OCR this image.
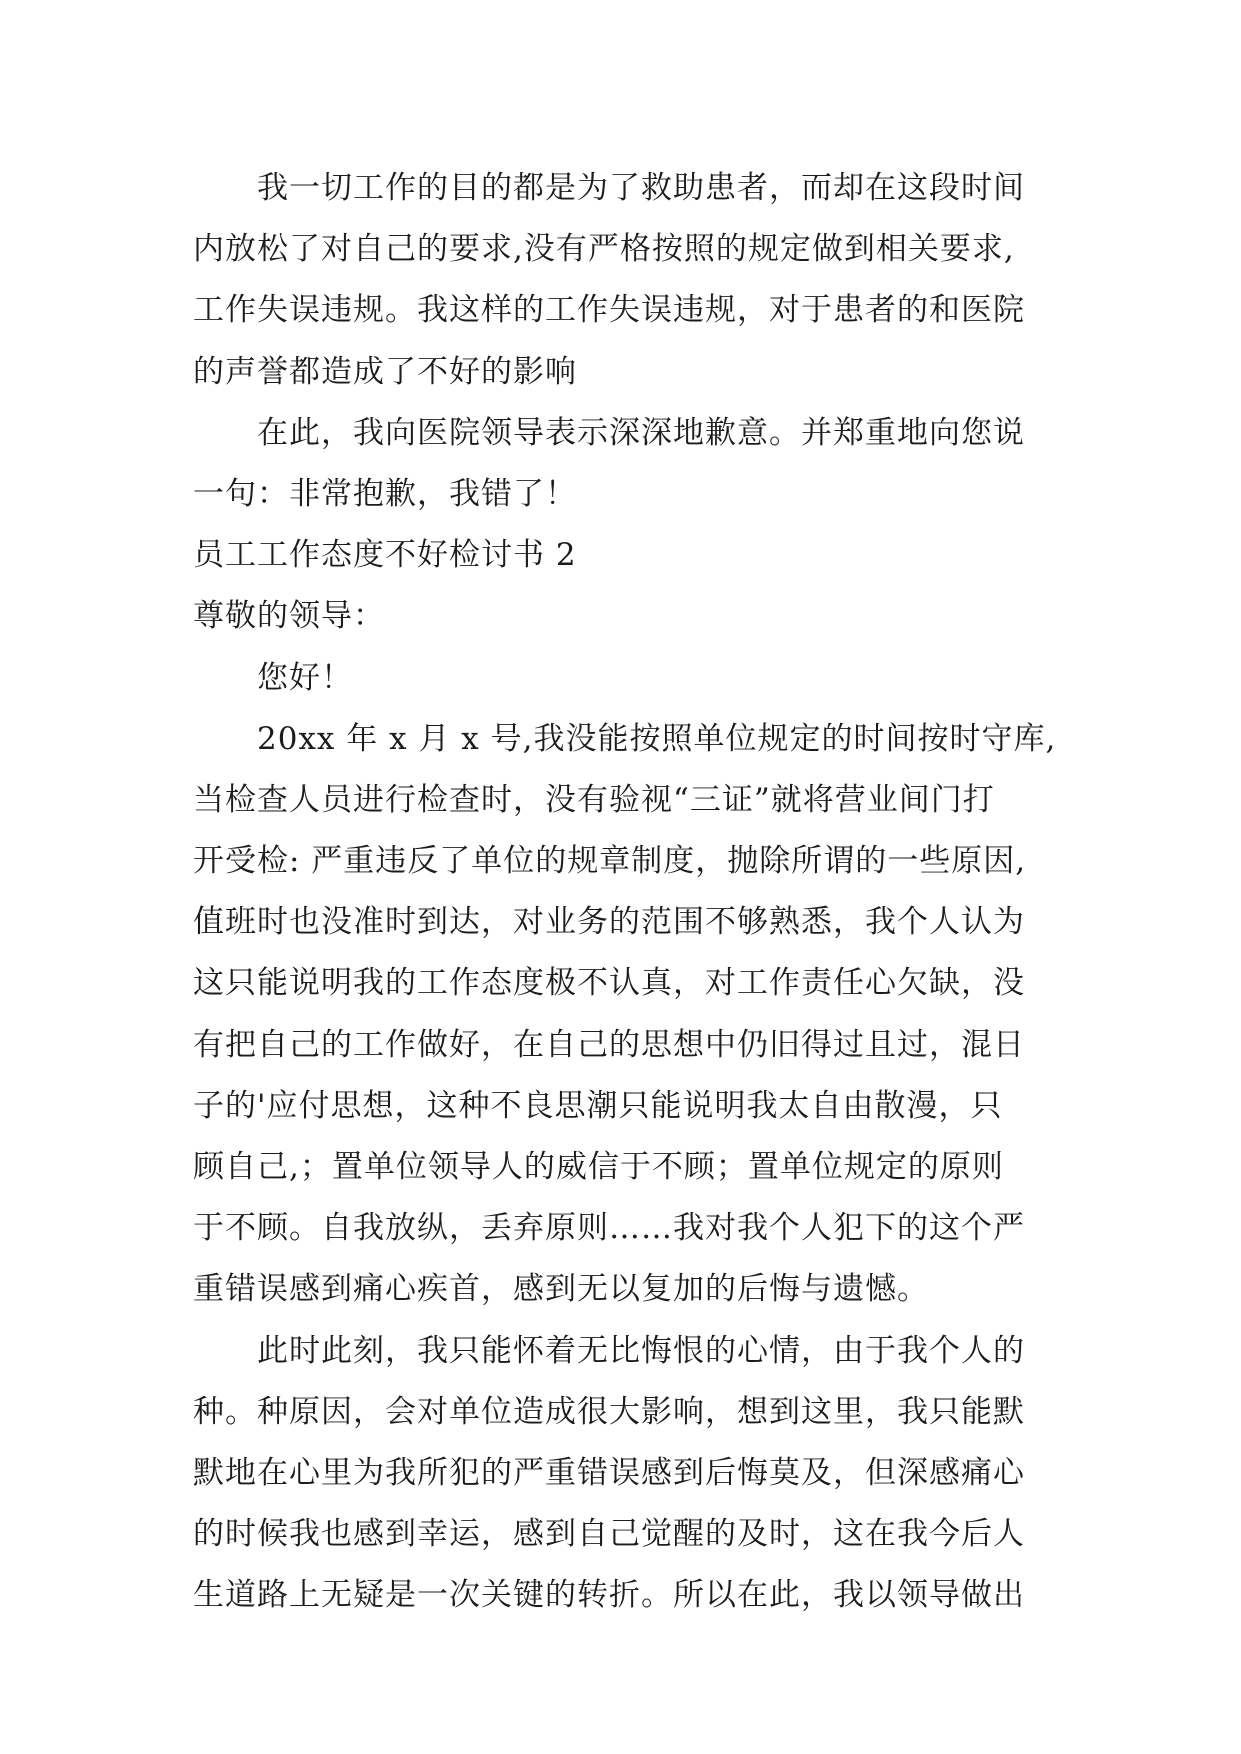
我一切工作的目的都是为了救助患者，而却在这段时间
内放松了对自己的要求,没有严格按照的规定做到相关要求,
工作失误违规。我这样的工作失误违规，对于患者的和医院
的声誉都造成了不好的影响
在此，我向医院领导表示深深地歉意。并郑重地向您说
一句：非常抱歉，我错了！
员工工作态度不好检讨书 2
尊敬的领导：
您好！
20xx 年 x 月 x 号,我没能按照单位规定的时间按时守库,
当检查人员进行检查时，没有验视“三证”就将营业间门打
开受检: 严重违反了单位的规章制度，抛除所谓的一些原因,
值班时也没准时到达，对业务的范围不够熟悉，我个人认为
这只能说明我的工作态度极不认真，对工作责任心欠缺，没
有把自己的工作做好，在自己的思想中仍旧得过且过，混日
子的'应付思想，这种不良思潮只能说明我太自由散漫，只
顾自己,；置单位领导人的威信于不顾；置单位规定的原则
于不顾。自我放纵，丢弃原则……我对我个人犯下的这个严
重错误感到痛心疾首，感到无以复加的后悔与遗憾。
此时此刻，我只能怀着无比悔恨的心情，由于我个人的
种。种原因，会对单位造成很大影响，想到这里，我只能默
默地在心里为我所犯的严重错误感到后悔莫及，但深感痛心
的时候我也感到幸运，感到自己觉醒的及时，这在我今后人
生道路上无疑是一次关键的转折。所以在此，我以领导做出
